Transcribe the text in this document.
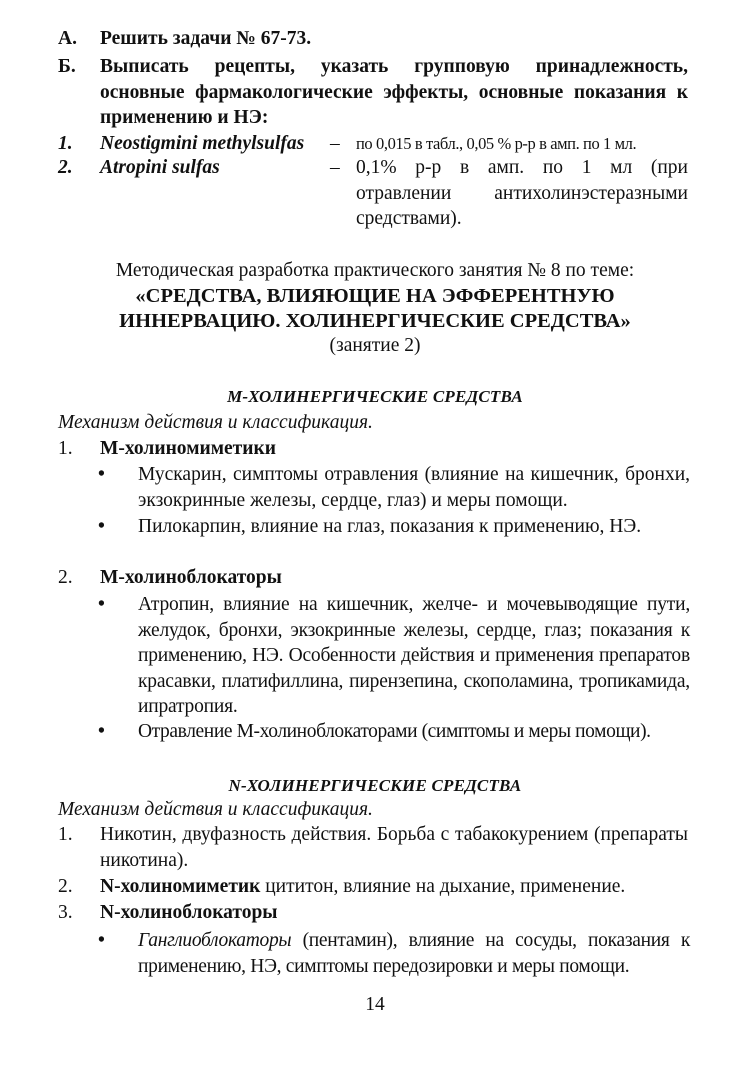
А. Решить задачи № 67-73.
Б. Выписать рецепты, указать групповую принадлежность, основные фармакологические эффекты, основные показания к применению и НЭ:
1. Neostigmini methylsulfas – по 0,015 в табл., 0,05 % р-р в амп. по 1 мл.
2. Atropini sulfas	– 0,1% р-р в амп. по 1 мл (при отравлении антихолинэстеразными средствами).
Методическая разработка практического занятия № 8 по теме:
«СРЕДСТВА, ВЛИЯЮЩИЕ НА ЭФФЕРЕНТНУЮ
ИННЕРВАЦИЮ. ХОЛИНЕРГИЧЕСКИЕ СРЕДСТВА»
(занятие 2)
М-ХОЛИНЕРГИЧЕСКИЕ СРЕДСТВА
Механизм действия и классификация.
1. М-холиномиметики
• Мускарин, симптомы отравления (влияние на кишечник, бронхи, экзокринные железы, сердце, глаз) и меры помощи.
• Пилокарпин, влияние на глаз, показания к применению, НЭ.
2. М-холиноблокаторы
• Атропин, влияние на кишечник, желче- и мочевыводящие пути, желудок, бронхи, экзокринные железы, сердце, глаз; показания к применению, НЭ. Особенности действия и применения препаратов красавки, платифиллина, пирензепина, скополамина, тропикамида, ипратропия.
• Отравление М-холиноблокаторами (симптомы и меры помощи).
N-ХОЛИНЕРГИЧЕСКИЕ СРЕДСТВА
Механизм действия и классификация.
1. Никотин, двуфазность действия. Борьба с табакокурением (препараты никотина).
2. N-холиномиметик цититон, влияние на дыхание, применение.
3. N-холиноблокаторы
• Ганглиоблокаторы (пентамин), влияние на сосуды, показания к применению, НЭ, симптомы передозировки и меры помощи.
14
